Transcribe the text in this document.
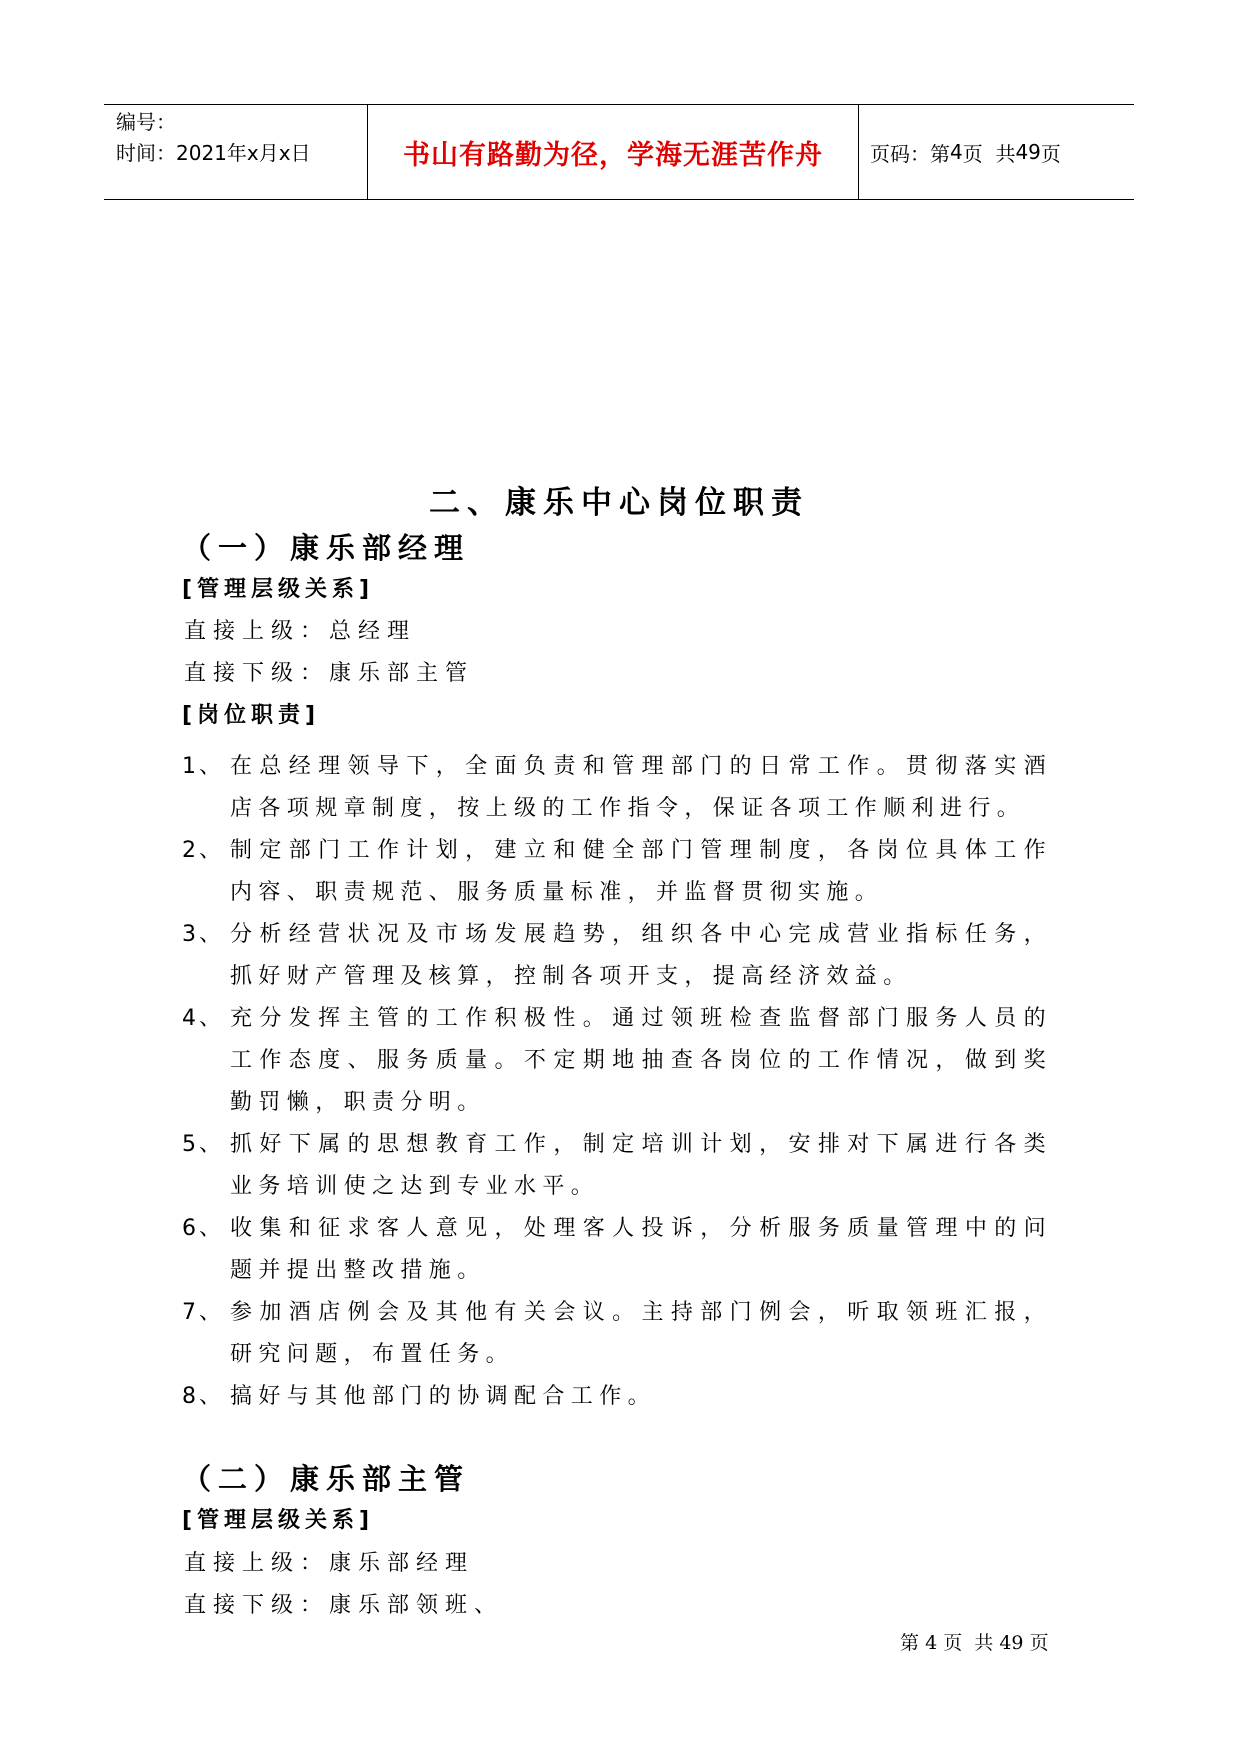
编号：
时间：2021年x月x日	书山有路勤为径，学海无涯苦作舟	页码：第 4 页  共 49 页
二、康乐中心岗位职责
（一）康乐部经理
[管理层级关系]
直接上级：总经理
直接下级：康乐部主管
[岗位职责]

1、 在总经理领导下，全面负责和管理部门的日常工作。贯彻落实酒店各项规章制度，按上级的工作指令，保证各项工作顺利进行。

2、 制定部门工作计划，建立和健全部门管理制度，各岗位具体工作内容、职责规范、服务质量标准，并监督贯彻实施。

3、 分析经营状况及市场发展趋势，组织各中心完成营业指标任务，抓好财产管理及核算，控制各项开支，提高经济效益。

4、 充分发挥主管的工作积极性。通过领班检查监督部门服务人员的工作态度、服务质量。不定期地抽查各岗位的工作情况，做到奖勤罚懒，职责分明。

5、 抓好下属的思想教育工作，制定培训计划，安排对下属进行各类业务培训使之达到专业水平。

6、 收集和征求客人意见，处理客人投诉，分析服务质量管理中的问题并提出整改措施。

7、 参加酒店例会及其他有关会议。主持部门例会，听取领班汇报，研究问题，布置任务。

8、 搞好与其他部门的协调配合工作。

（二）康乐部主管
[管理层级关系]
直接上级：康乐部经理
直接下级：康乐部领班、
第 4 页  共 49 页
